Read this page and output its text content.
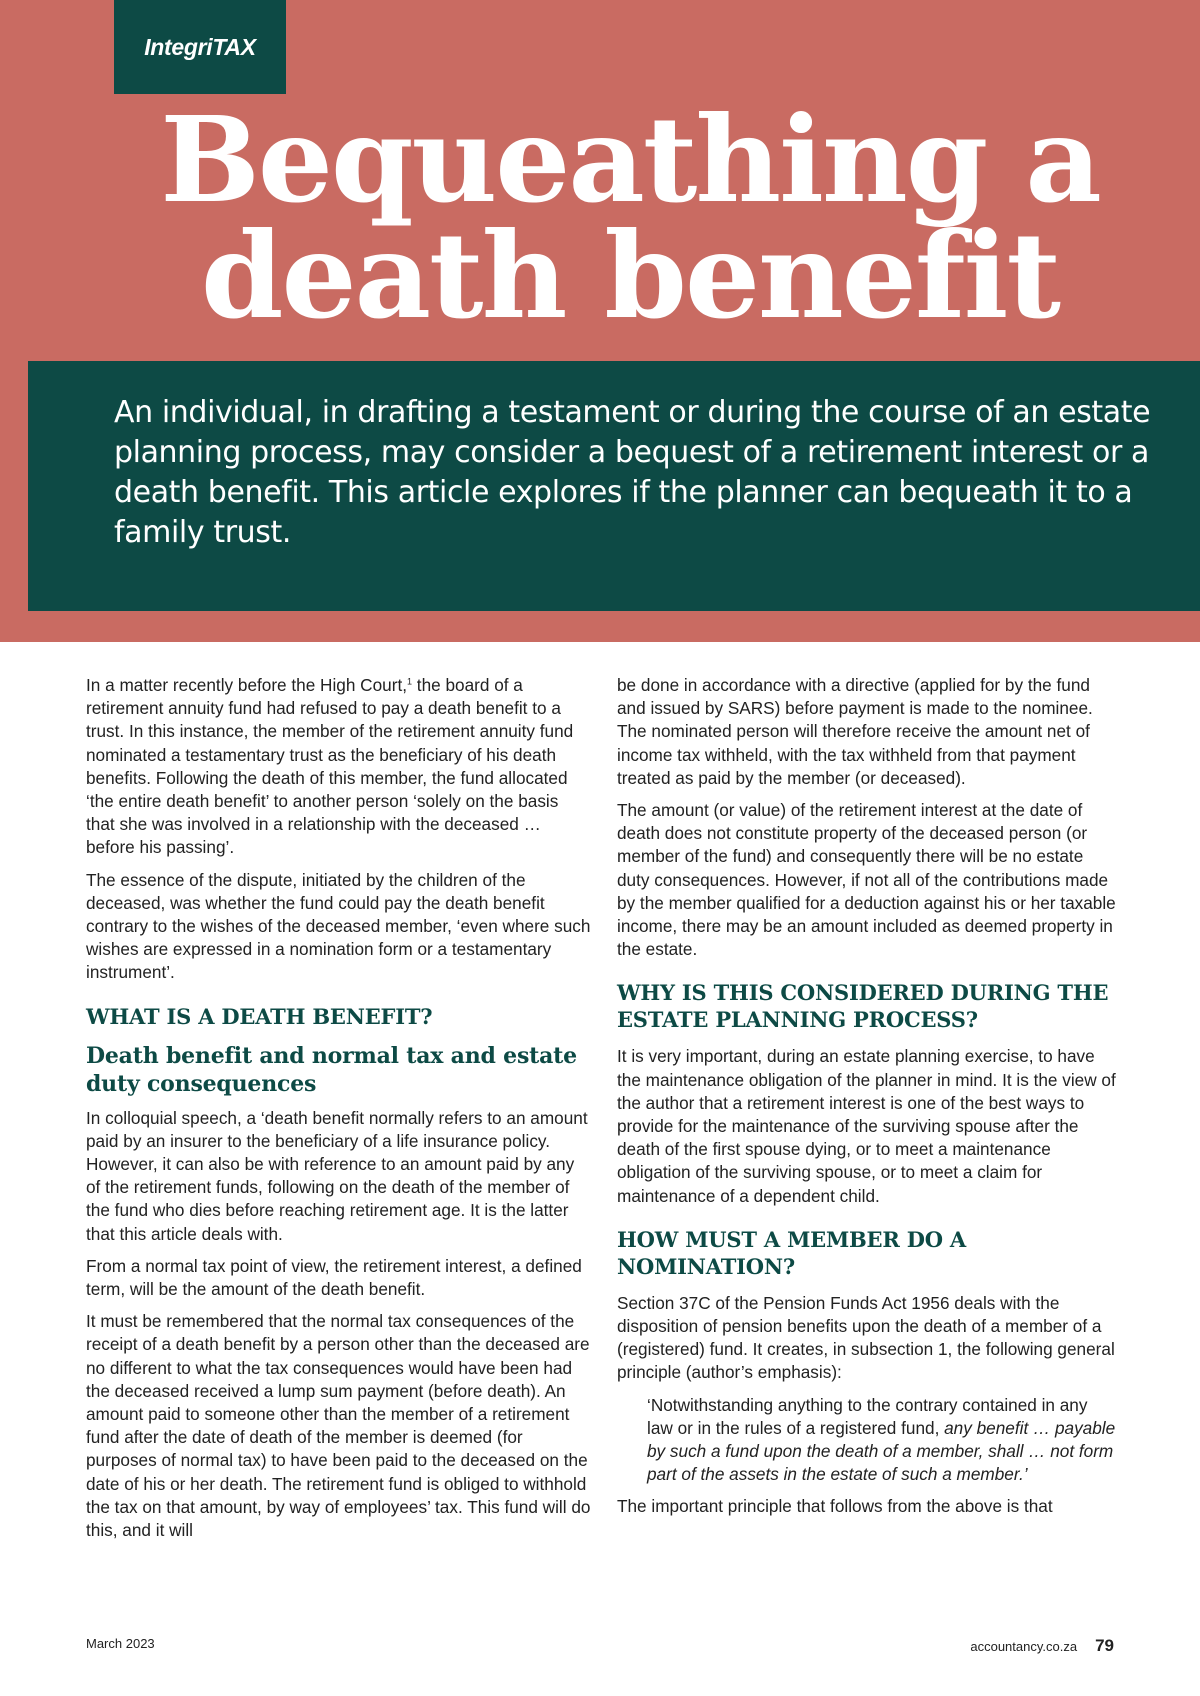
IntegriTAX
Bequeathing a
death benefit

An individual, in drafting a testament or during the course of an estate planning process, may consider a bequest of a retirement interest or a death benefit. This article explores if the planner can bequeath it to a family trust.

In a matter recently before the High Court,$^1$ the board of a retirement annuity fund had refused to pay a death benefit to a trust. In this instance, the member of the retirement annuity fund nominated a testamentary trust as the beneficiary of his death benefits. Following the death of this member, the fund allocated ‘the entire death benefit’ to another person ‘solely on the basis that she was involved in a relationship with the deceased … before his passing’.

The essence of the dispute, initiated by the children of the deceased, was whether the fund could pay the death benefit contrary to the wishes of the deceased member, ‘even where such wishes are expressed in a nomination form or a testamentary instrument’.

WHAT IS A DEATH BENEFIT?
Death benefit and normal tax and estate duty consequences

In colloquial speech, a ‘death benefit normally refers to an amount paid by an insurer to the beneficiary of a life insurance policy. However, it can also be with reference to an amount paid by any of the retirement funds, following on the death of the member of the fund who dies before reaching retirement age. It is the latter that this article deals with.

From a normal tax point of view, the retirement interest, a defined term, will be the amount of the death benefit.

It must be remembered that the normal tax consequences of the receipt of a death benefit by a person other than the deceased are no different to what the tax consequences would have been had the deceased received a lump sum payment (before death). An amount paid to someone other than the member of a retirement fund after the date of death of the member is deemed (for purposes of normal tax) to have been paid to the deceased on the date of his or her death. The retirement fund is obliged to withhold the tax on that amount, by way of employees’ tax. This fund will do this, and it will

be done in accordance with a directive (applied for by the fund and issued by SARS) before payment is made to the nominee. The nominated person will therefore receive the amount net of income tax withheld, with the tax withheld from that payment treated as paid by the member (or deceased).

The amount (or value) of the retirement interest at the date of death does not constitute property of the deceased person (or member of the fund) and consequently there will be no estate duty consequences. However, if not all of the contributions made by the member qualified for a deduction against his or her taxable income, there may be an amount included as deemed property in the estate.

WHY IS THIS CONSIDERED DURING THE ESTATE PLANNING PROCESS?

It is very important, during an estate planning exercise, to have the maintenance obligation of the planner in mind. It is the view of the author that a retirement interest is one of the best ways to provide for the maintenance of the surviving spouse after the death of the first spouse dying, or to meet a maintenance obligation of the surviving spouse, or to meet a claim for maintenance of a dependent child.

HOW MUST A MEMBER DO A NOMINATION?

Section 37C of the Pension Funds Act 1956 deals with the disposition of pension benefits upon the death of a member of a (registered) fund. It creates, in subsection 1, the following general principle (author’s emphasis):

‘Notwithstanding anything to the contrary contained in any law or in the rules of a registered fund, any benefit … payable by such a fund upon the death of a member, shall … not form part of the assets in the estate of such a member.’

The important principle that follows from the above is that

March 2023	accountancy.co.za 79
